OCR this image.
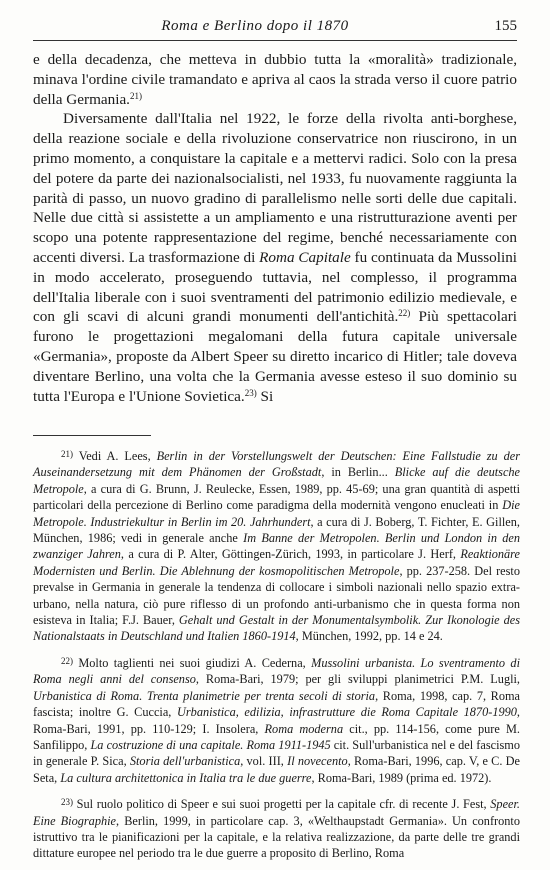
Roma e Berlino dopo il 1870	155

e della decadenza, che metteva in dubbio tutta la «moralità» tradizionale, minava l'ordine civile tramandato e apriva al caos la strada verso il cuore patrio della Germania.$^{21)}$

Diversamente dall'Italia nel 1922, le forze della rivolta anti-borghese, della reazione sociale e della rivoluzione conservatrice non riuscirono, in un primo momento, a conquistare la capitale e a mettervi radici. Solo con la presa del potere da parte dei nazionalsocialisti, nel 1933, fu nuovamente raggiunta la parità di passo, un nuovo gradino di parallelismo nelle sorti delle due capitali. Nelle due città si assistette a un ampliamento e una ristrutturazione aventi per scopo una potente rappresentazione del regime, benché necessariamente con accenti diversi. La trasformazione di Roma Capitale fu continuata da Mussolini in modo accelerato, proseguendo tuttavia, nel complesso, il programma dell'Italia liberale con i suoi sventramenti del patrimonio edilizio medievale, e con gli scavi di alcuni grandi monumenti dell'antichità.$^{22)}$ Più spettacolari furono le progettazioni megalomani della futura capitale universale «Germania», proposte da Albert Speer su diretto incarico di Hitler; tale doveva diventare Berlino, una volta che la Germania avesse esteso il suo dominio su tutta l'Europa e l'Unione Sovietica.$^{23)}$ Si

$^{21)}$ Vedi A. Lees, Berlin in der Vorstellungswelt der Deutschen: Eine Fallstudie zu der Auseinandersetzung mit dem Phänomen der Großstadt, in Berlin... Blicke auf die deutsche Metropole, a cura di G. Brunn, J. Reulecke, Essen, 1989, pp. 45-69; una gran quantità di aspetti particolari della percezione di Berlino come paradigma della modernità vengono enucleati in Die Metropole. Industriekultur in Berlin im 20. Jahrhundert, a cura di J. Boberg, T. Fichter, E. Gillen, München, 1986; vedi in generale anche Im Banne der Metropolen. Berlin und London in den zwanziger Jahren, a cura di P. Alter, Göttingen-Zürich, 1993, in particolare J. Herf, Reaktionäre Modernisten und Berlin. Die Ablehnung der kosmopolitischen Metropole, pp. 237-258. Del resto prevalse in Germania in generale la tendenza di collocare i simboli nazionali nello spazio extra-urbano, nella natura, ciò pure riflesso di un profondo anti-urbanismo che in questa forma non esisteva in Italia; F.J. Bauer, Gehalt und Gestalt in der Monumentalsymbolik. Zur Ikonologie des Nationalstaats in Deutschland und Italien 1860-1914, München, 1992, pp. 14 e 24.

$^{22)}$ Molto taglienti nei suoi giudizi A. Cederna, Mussolini urbanista. Lo sventramento di Roma negli anni del consenso, Roma-Bari, 1979; per gli sviluppi planimetrici P.M. Lugli, Urbanistica di Roma. Trenta planimetrie per trenta secoli di storia, Roma, 1998, cap. 7, Roma fascista; inoltre G. Cuccia, Urbanistica, edilizia, infrastrutture die Roma Capitale 1870-1990, Roma-Bari, 1991, pp. 110-129; I. Insolera, Roma moderna cit., pp. 114-156, come pure M. Sanfilippo, La costruzione di una capitale. Roma 1911-1945 cit. Sull'urbanistica nel e del fascismo in generale P. Sica, Storia dell'urbanistica, vol. III, Il novecento, Roma-Bari, 1996, cap. V, e C. De Seta, La cultura architettonica in Italia tra le due guerre, Roma-Bari, 1989 (prima ed. 1972).

$^{23)}$ Sul ruolo politico di Speer e sui suoi progetti per la capitale cfr. di recente J. Fest, Speer. Eine Biographie, Berlin, 1999, in particolare cap. 3, «Welthaupstadt Germania». Un confronto istruttivo tra le pianificazioni per la capitale, e la relativa realizzazione, da parte delle tre grandi dittature europee nel periodo tra le due guerre a proposito di Berlino, Roma
